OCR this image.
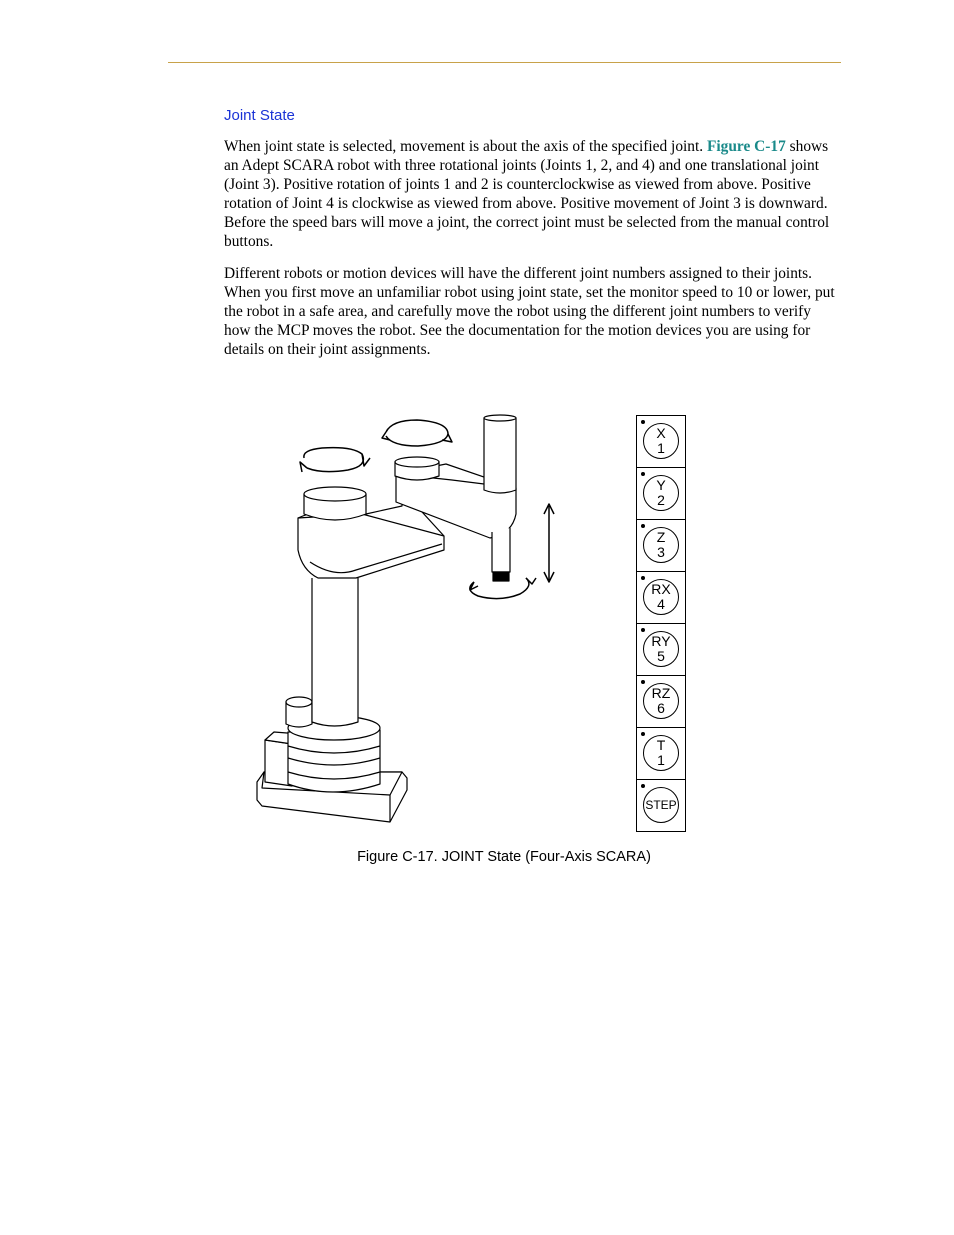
Joint State

When joint state is selected, movement is about the axis of the specified joint. Figure C-17 shows an Adept SCARA robot with three rotational joints (Joints 1, 2, and 4) and one translational joint (Joint 3). Positive rotation of joints 1 and 2 is counterclockwise as viewed from above. Positive rotation of Joint 4 is clockwise as viewed from above. Positive movement of Joint 3 is downward. Before the speed bars will move a joint, the correct joint must be selected from the manual control buttons.

Different robots or motion devices will have the different joint numbers assigned to their joints. When you first move an unfamiliar robot using joint state, set the monitor speed to 10 or lower, put the robot in a safe area, and carefully move the robot using the different joint numbers to verify how the MCP moves the robot. See the documentation for the motion devices you are using for details on their joint assignments.

X
1
Y
2
Z
3
RX
4
RY
5
RZ
6
T
1
STEP

Figure C-17. JOINT State (Four-Axis SCARA)
